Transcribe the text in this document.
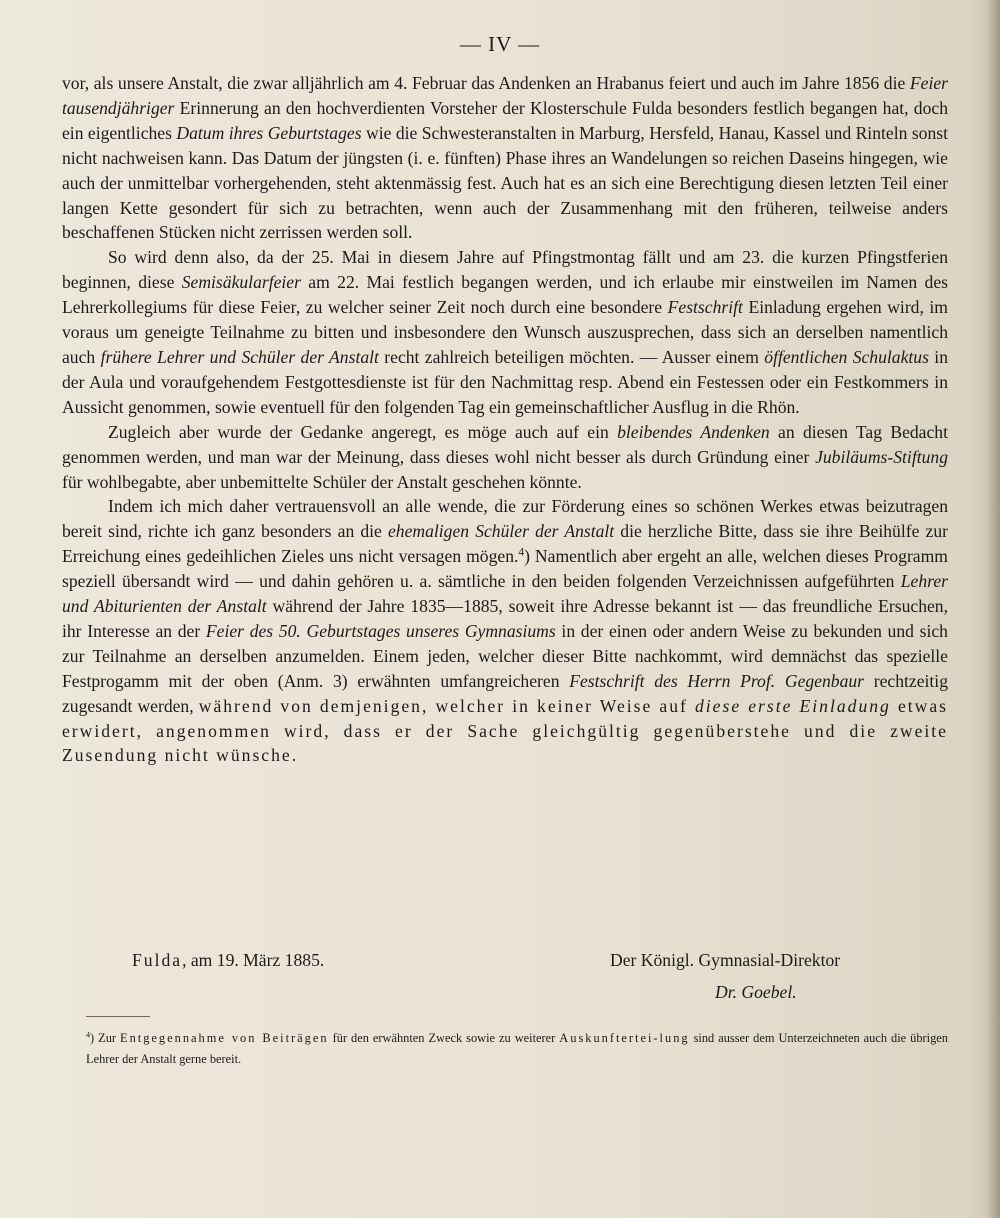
— IV —

vor, als unsere Anstalt, die zwar alljährlich am 4. Februar das Andenken an Hrabanus feiert und auch im Jahre 1856 die Feier tausendjähriger Erinnerung an den hochverdienten Vorsteher der Klosterschule Fulda besonders festlich begangen hat, doch ein eigentliches Datum ihres Geburtstages wie die Schwesteranstalten in Marburg, Hersfeld, Hanau, Kassel und Rinteln sonst nicht nachweisen kann. Das Datum der jüngsten (i. e. fünften) Phase ihres an Wandelungen so reichen Daseins hingegen, wie auch der unmittelbar vorhergehenden, steht aktenmässig fest. Auch hat es an sich eine Berechtigung diesen letzten Teil einer langen Kette gesondert für sich zu betrachten, wenn auch der Zusammenhang mit den früheren, teilweise anders beschaffenen Stücken nicht zerrissen werden soll.

So wird denn also, da der 25. Mai in diesem Jahre auf Pfingstmontag fällt und am 23. die kurzen Pfingstferien beginnen, diese Semisäkularfeier am 22. Mai festlich begangen werden, und ich erlaube mir einstweilen im Namen des Lehrerkollegiums für diese Feier, zu welcher seiner Zeit noch durch eine besondere Festschrift Einladung ergehen wird, im voraus um geneigte Teilnahme zu bitten und insbesondere den Wunsch auszusprechen, dass sich an derselben namentlich auch frühere Lehrer und Schüler der Anstalt recht zahlreich beteiligen möchten. — Ausser einem öffentlichen Schulaktus in der Aula und voraufgehendem Festgottesdienste ist für den Nachmittag resp. Abend ein Festessen oder ein Festkommers in Aussicht genommen, sowie eventuell für den folgenden Tag ein gemeinschaftlicher Ausflug in die Rhön.

Zugleich aber wurde der Gedanke angeregt, es möge auch auf ein bleibendes Andenken an diesen Tag Bedacht genommen werden, und man war der Meinung, dass dieses wohl nicht besser als durch Gründung einer Jubiläums-Stiftung für wohlbegabte, aber unbemittelte Schüler der Anstalt geschehen könnte.

Indem ich mich daher vertrauensvoll an alle wende, die zur Förderung eines so schönen Werkes etwas beizutragen bereit sind, richte ich ganz besonders an die ehemaligen Schüler der Anstalt die herzliche Bitte, dass sie ihre Beihülfe zur Erreichung eines gedeihlichen Zieles uns nicht versagen mögen.$^4$) Namentlich aber ergeht an alle, welchen dieses Programm speziell übersandt wird — und dahin gehören u. a. sämtliche in den beiden folgenden Verzeichnissen aufgeführten Lehrer und Abiturienten der Anstalt während der Jahre 1835—1885, soweit ihre Adresse bekannt ist — das freundliche Ersuchen, ihr Interesse an der Feier des 50. Geburtstages unseres Gymnasiums in der einen oder andern Weise zu bekunden und sich zur Teilnahme an derselben anzumelden. Einem jeden, welcher dieser Bitte nachkommt, wird demnächst das spezielle Festprogamm mit der oben (Anm. 3) erwähnten umfangreicheren Festschrift des Herrn Prof. Gegenbaur rechtzeitig zugesandt werden, während von demjenigen, welcher in keiner Weise auf diese erste Einladung etwas erwidert, angenommen wird, dass er der Sache gleichgültig gegenüberstehe und die zweite Zusendung nicht wünsche.

Fulda, am 19. März 1885.	Der Königl. Gymnasial-Direktor
Dr. Goebel.

$^4$) Zur Entgegennahme von Beiträgen für den erwähnten Zweck sowie zu weiterer Auskunftertei-lung sind ausser dem Unterzeichneten auch die übrigen Lehrer der Anstalt gerne bereit.
